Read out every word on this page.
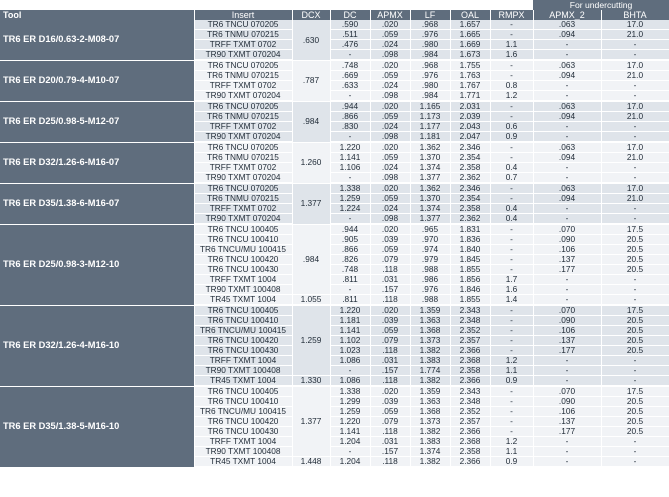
								For undercutting	
Tool	Insert	DCX	DC	APMX	LF	OAL	RMPX	APMX_2	BHTA
TR6 ER D16/0.63-2-M08-07	TR6 TNCU 070205	.630	.590	.020	.968	1.657	-	.063	17.0
	TR6 TNMU 070215		.511	.059	.976	1.665	-	.094	21.0
	TRFF TXMT 0702		.476	.024	.980	1.669	1.1	-	-
	TR90 TXMT 070204		-	.098	.984	1.673	1.6	-	-
TR6 ER D20/0.79-4-M10-07	TR6 TNCU 070205	.787	.748	.020	.968	1.755	-	.063	17.0
	TR6 TNMU 070215		.669	.059	.976	1.763	-	.094	21.0
	TRFF TXMT 0702		.633	.024	.980	1.767	0.8	-	-
	TR90 TXMT 070204		-	.098	.984	1.771	1.2	-	-
TR6 ER D25/0.98-5-M12-07	TR6 TNCU 070205	.984	.944	.020	1.165	2.031	-	.063	17.0
	TR6 TNMU 070215		.866	.059	1.173	2.039	-	.094	21.0
	TRFF TXMT 0702		.830	.024	1.177	2.043	0.6	-	-
	TR90 TXMT 070204		-	.098	1.181	2.047	0.9	-	-
TR6 ER D32/1.26-6-M16-07	TR6 TNCU 070205	1.260	1.220	.020	1.362	2.346	-	.063	17.0
	TR6 TNMU 070215		1.141	.059	1.370	2.354	-	.094	21.0
	TRFF TXMT 0702		1.106	.024	1.374	2.358	0.4	-	-
	TR90 TXMT 070204		-	.098	1.377	2.362	0.7	-	-
TR6 ER D35/1.38-6-M16-07	TR6 TNCU 070205	1.377	1.338	.020	1.362	2.346	-	.063	17.0
	TR6 TNMU 070215		1.259	.059	1.370	2.354	-	.094	21.0
	TRFF TXMT 0702		1.224	.024	1.374	2.358	0.4	-	-
	TR90 TXMT 070204		-	.098	1.377	2.362	0.4	-	-
TR6 ER D25/0.98-3-M12-10	TR6 TNCU 100405	.984	.944	.020	.965	1.831	-	.070	17.5
	TR6 TNCU 100410		.905	.039	.970	1.836	-	.090	20.5
	TR6 TNCU/MU 100415		.866	.059	.974	1.840	-	.106	20.5
	TR6 TNCU 100420		.826	.079	.979	1.845	-	.137	20.5
	TR6 TNCU 100430		.748	.118	.988	1.855	-	.177	20.5
	TRFF TXMT 1004		.811	.031	.986	1.856	1.7	-	-
	TR90 TXMT 100408		-	.157	.976	1.846	1.6	-	-
	TR45 TXMT 1004	1.055	.811	.118	.988	1.855	1.4	-	-
TR6 ER D32/1.26-4-M16-10	TR6 TNCU 100405	1.259	1.220	.020	1.359	2.343	-	.070	17.5
	TR6 TNCU 100410		1.181	.039	1.363	2.348	-	.090	20.5
	TR6 TNCU/MU 100415		1.141	.059	1.368	2.352	-	.106	20.5
	TR6 TNCU 100420		1.102	.079	1.373	2.357	-	.137	20.5
	TR6 TNCU 100430		1.023	.118	1.382	2.366	-	.177	20.5
	TRFF TXMT 1004		1.086	.031	1.383	2.368	1.2	-	-
	TR90 TXMT 100408		-	.157	1.774	2.358	1.1	-	-
	TR45 TXMT 1004	1.330	1.086	.118	1.382	2.366	0.9	-	-
TR6 ER D35/1.38-5-M16-10	TR6 TNCU 100405	1.377	1.338	.020	1.359	2.343	-	.070	17.5
	TR6 TNCU 100410		1.299	.039	1.363	2.348	-	.090	20.5
	TR6 TNCU/MU 100415		1.259	.059	1.368	2.352	-	.106	20.5
	TR6 TNCU 100420		1.220	.079	1.373	2.357	-	.137	20.5
	TR6 TNCU 100430		1.141	.118	1.382	2.366	-	.177	20.5
	TRFF TXMT 1004		1.204	.031	1.383	2.368	1.2	-	-
	TR90 TXMT 100408		-	.157	1.374	2.358	1.1	-	-
	TR45 TXMT 1004	1.448	1.204	.118	1.382	2.366	0.9	-	-
